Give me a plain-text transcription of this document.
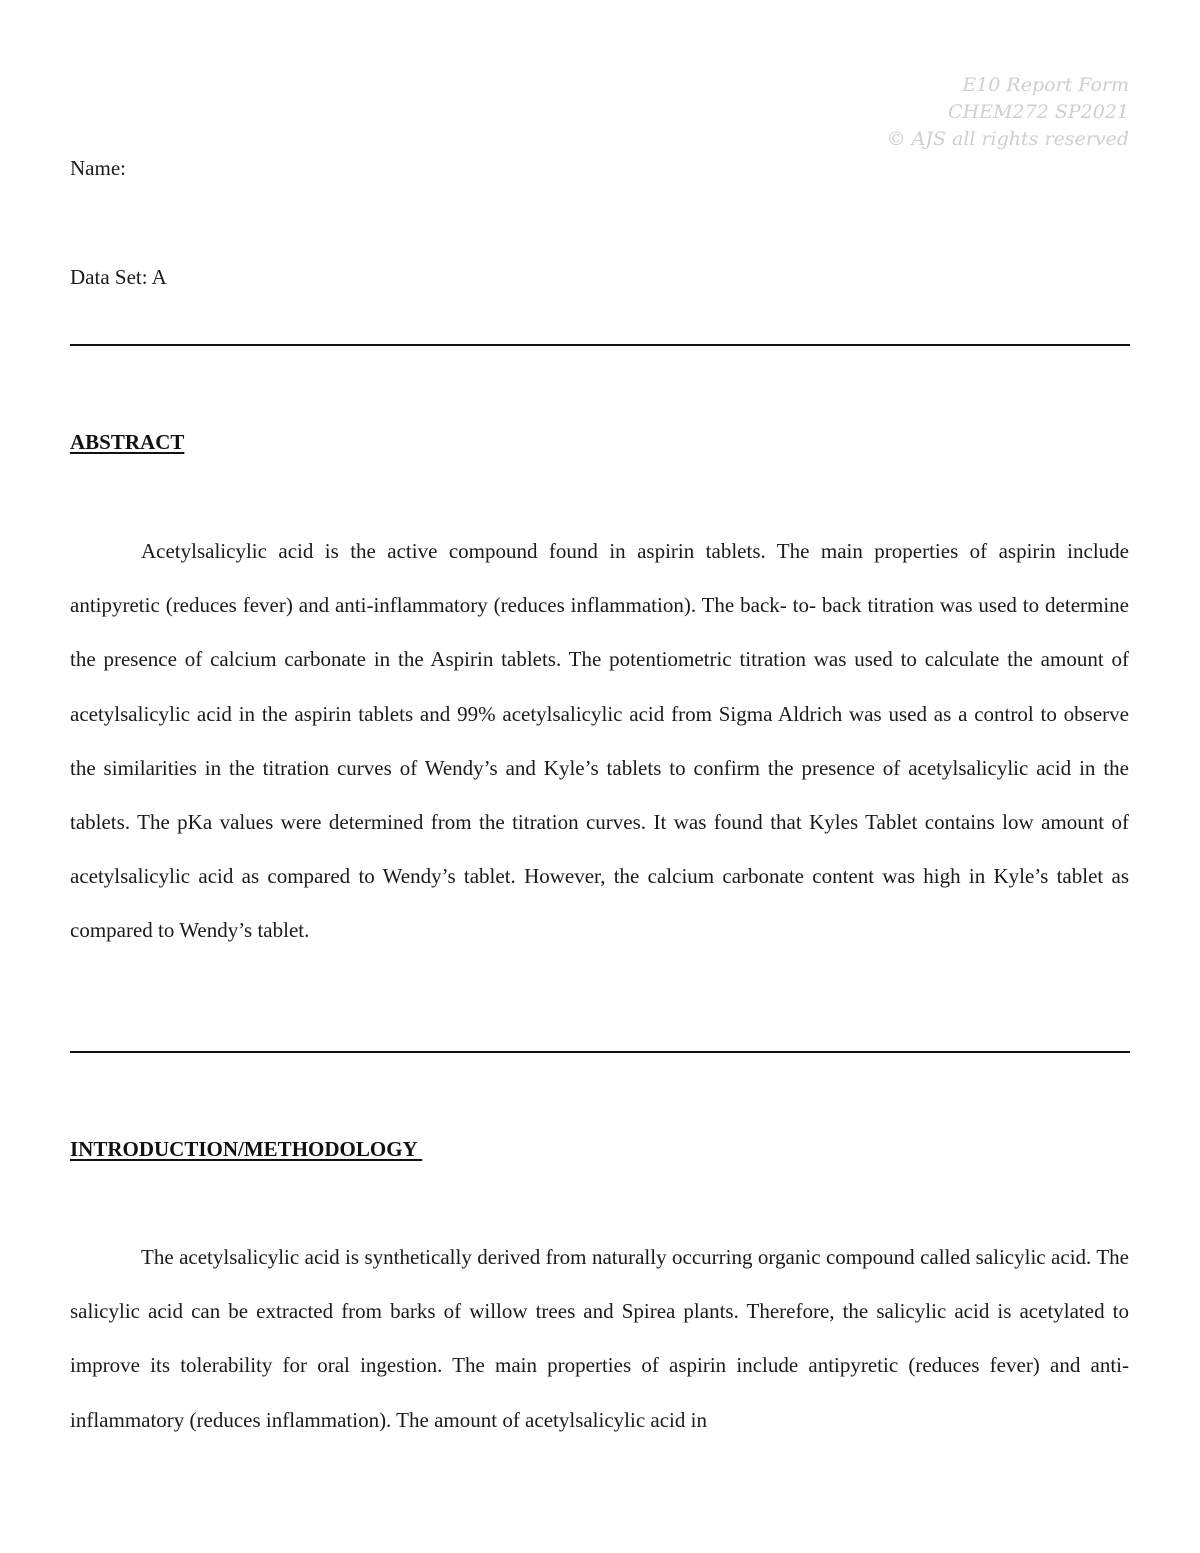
E10 Report Form
CHEM272 SP2021
© AJS all rights reserved
Name:
Data Set: A
ABSTRACT

Acetylsalicylic acid is the active compound found in aspirin tablets. The main properties of aspirin include antipyretic (reduces fever) and anti-inflammatory (reduces inflammation). The back- to- back titration was used to determine the presence of calcium carbonate in the Aspirin tablets. The potentiometric titration was used to calculate the amount of acetylsalicylic acid in the aspirin tablets and 99% acetylsalicylic acid from Sigma Aldrich was used as a control to observe the similarities in the titration curves of Wendy’s and Kyle’s tablets to confirm the presence of acetylsalicylic acid in the tablets. The pKa values were determined from the titration curves. It was found that Kyles Tablet contains low amount of acetylsalicylic acid as compared to Wendy’s tablet. However, the calcium carbonate content was high in Kyle’s tablet as compared to Wendy’s tablet.

INTRODUCTION/METHODOLOGY

The acetylsalicylic acid is synthetically derived from naturally occurring organic compound called salicylic acid. The salicylic acid can be extracted from barks of willow trees and Spirea plants. Therefore, the salicylic acid is acetylated to improve its tolerability for oral ingestion. The main properties of aspirin include antipyretic (reduces fever) and anti-inflammatory (reduces inflammation). The amount of acetylsalicylic acid in
